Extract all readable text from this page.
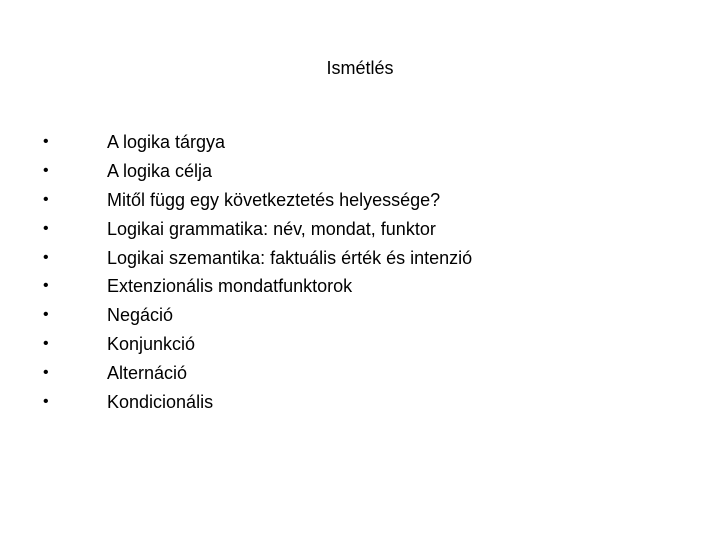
Ismétlés
•	A logika tárgya
•	A logika célja
•	Mitől függ egy következtetés helyessége?
•	Logikai grammatika: név, mondat, funktor
•	Logikai szemantika: faktuális érték és intenzió
•	Extenzionális mondatfunktorok
•	Negáció
•	Konjunkció
•	Alternáció
•	Kondicionális
